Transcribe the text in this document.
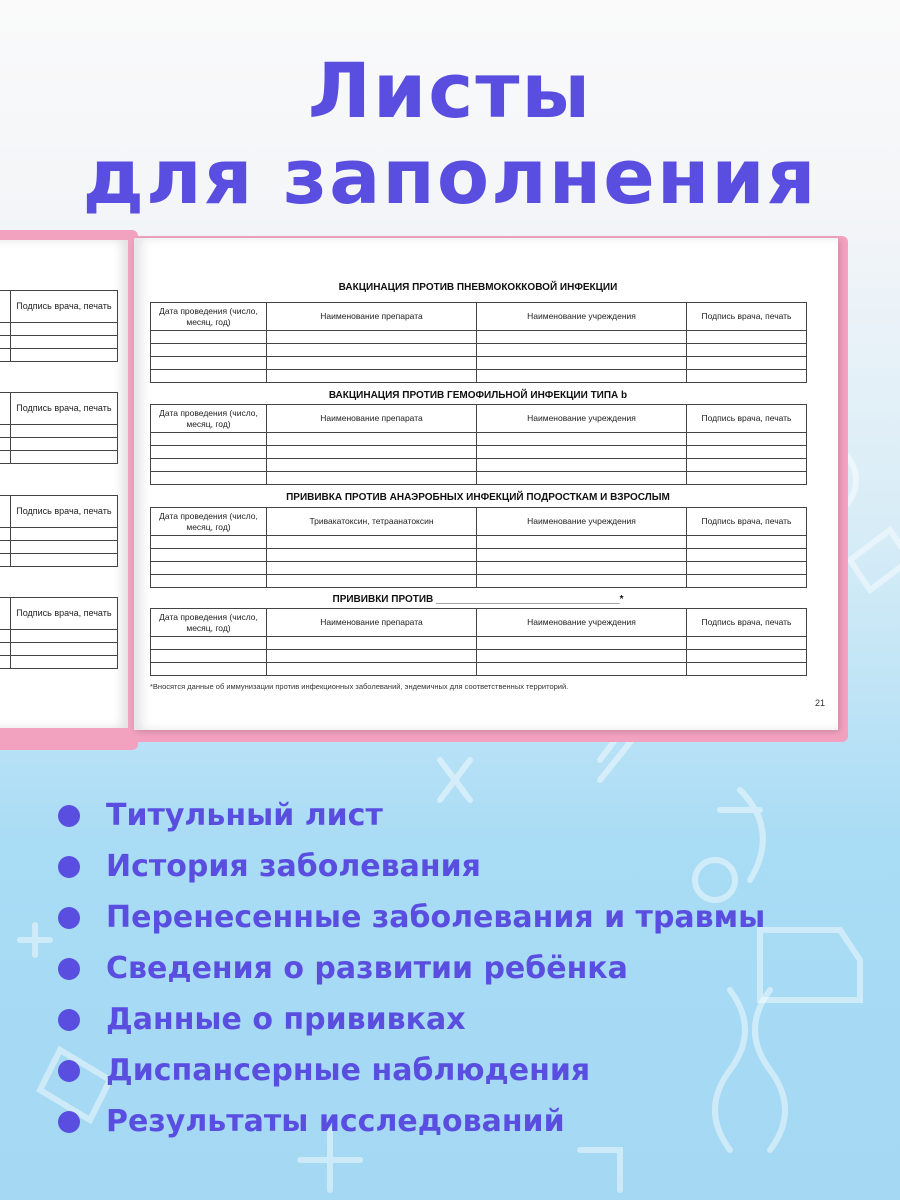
Листы
для заполнения
	Подпись врача, печать

	Подпись врача, печать

	Подпись врача, печать

	Подпись врача, печать

ВАКЦИНАЦИЯ ПРОТИВ ПНЕВМОКОККОВОЙ ИНФЕКЦИИ
Дата проведения (число, месяц, год)	Наименование препарата	Наименование учреждения	Подпись врача, печать

ВАКЦИНАЦИЯ ПРОТИВ ГЕМОФИЛЬНОЙ ИНФЕКЦИИ ТИПА b
Дата проведения (число, месяц, год)	Наименование препарата	Наименование учреждения	Подпись врача, печать

ПРИВИВКА ПРОТИВ АНАЭРОБНЫХ ИНФЕКЦИЙ ПОДРОСТКАМ И ВЗРОСЛЫМ
Дата проведения (число, месяц, год)	Тривакатоксин, тетраанатоксин	Наименование учреждения	Подпись врача, печать

ПРИВИВКИ ПРОТИВ _________________________________*
Дата проведения (число, месяц, год)	Наименование препарата	Наименование учреждения	Подпись врача, печать

*Вносятся данные об иммунизации против инфекционных заболеваний, эндемичных для соответственных территорий.
21
Титульный лист
История заболевания
Перенесенные заболевания и травмы
Сведения о развитии ребёнка
Данные о прививках
Диспансерные наблюдения
Результаты исследований
